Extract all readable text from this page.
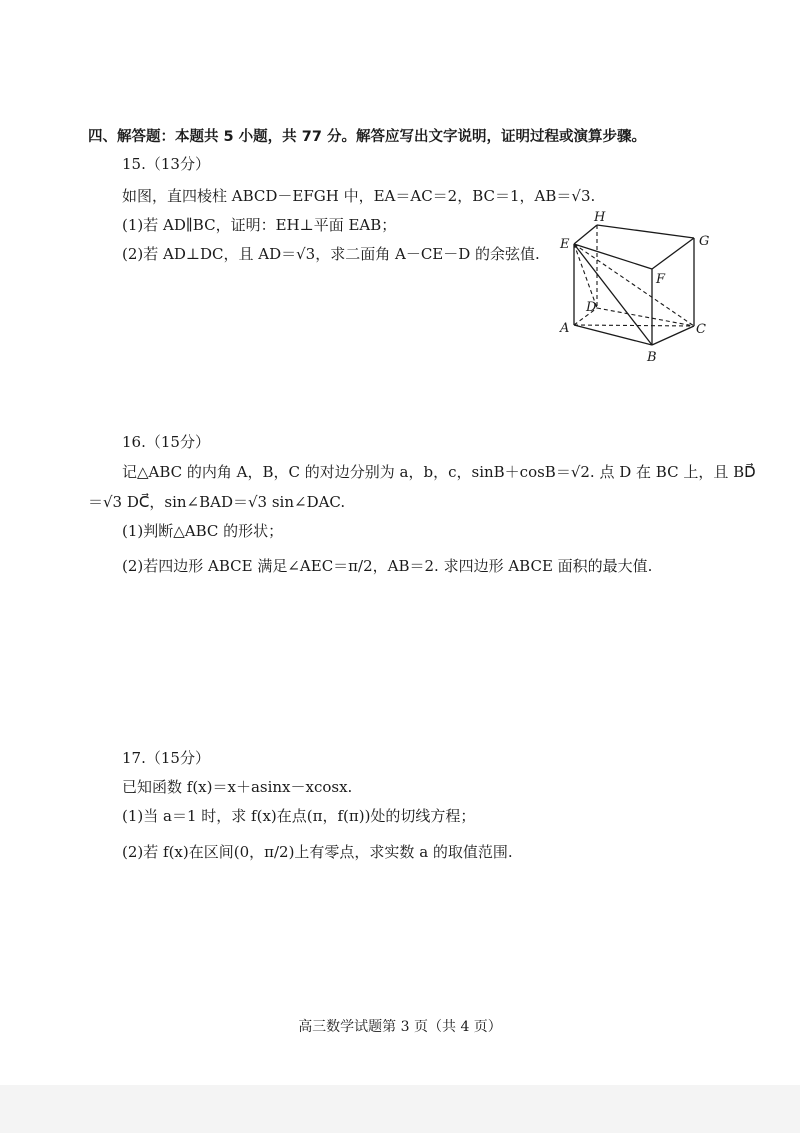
四、解答题：本题共 5 小题，共 77 分。解答应写出文字说明，证明过程或演算步骤。
15.（13分）
如图，直四棱柱 ABCD－EFGH 中，EA＝AC＝2，BC＝1，AB＝√3.
(1)若 AD∥BC，证明：EH⊥平面 EAB；
(2)若 AD⊥DC，且 AD＝√3，求二面角 A－CE－D 的余弦值.
E
H
G
F
D
A	C
B
16.（15分）
记△ABC 的内角 A，B，C 的对边分别为 a，b，c，sinB＋cosB＝√2. 点 D 在 BC 上，且 BD⃗
＝√3 DC⃗，sin∠BAD＝√3 sin∠DAC.
(1)判断△ABC 的形状；
(2)若四边形 ABCE 满足∠AEC＝π/2，AB＝2. 求四边形 ABCE 面积的最大值.
17.（15分）
已知函数 f(x)＝x＋asinx－xcosx.
(1)当 a＝1 时，求 f(x)在点(π，f(π))处的切线方程；
(2)若 f(x)在区间(0，π/2)上有零点，求实数 a 的取值范围.
高三数学试题第 3 页（共 4 页）
